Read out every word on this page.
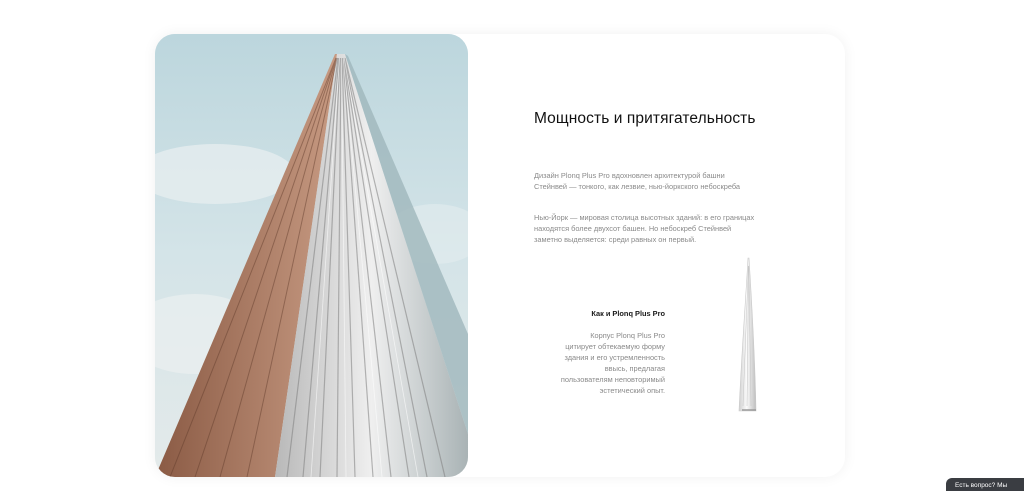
Мощность и притягательность

Дизайн Plonq Plus Pro вдохновлен архитектурой башни Стейнвей — тонкого, как лезвие, нью-йоркского небоскреба

Нью-Йорк — мировая столица высотных зданий: в его границах находятся более двухсот башен. Но небоскреб Стейнвей заметно выделяется: среди равных он первый.

Как и Plonq Plus Pro

Корпус Plonq Plus Pro цитирует обтекаемую форму здания и его устремленность ввысь, предлагая пользователям неповторимый эстетический опыт.

Есть вопрос? Мы
